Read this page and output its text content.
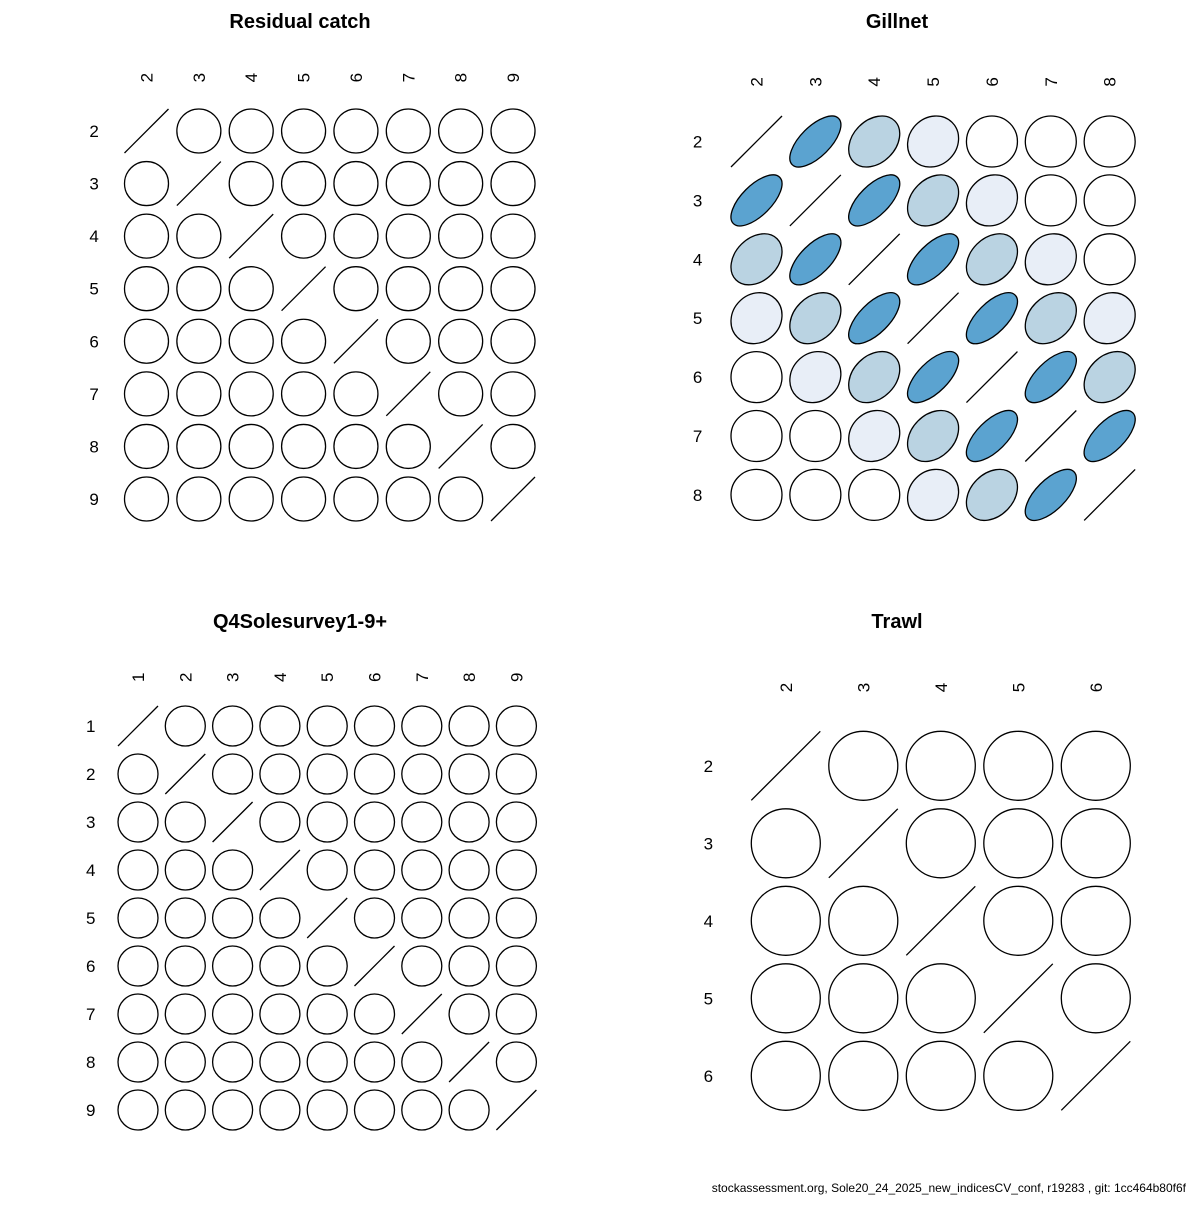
Residual catch	Gillnet
Q4Solesurvey1-9+	Trawl
2
2
3
3
4
4
5
5
6
6
7
7
8
8
9
9
2
2
3
3
4
4
5
5
6
6
7
7
8
8
1
1
2
2
3
3
4
4
5
5
6
6
7
7
8
8
9
9
2
2
3
3
4
4
5
5
6
6
stockassessment.org, Sole20_24_2025_new_indicesCV_conf, r19283 , git: 1cc464b80f6f
